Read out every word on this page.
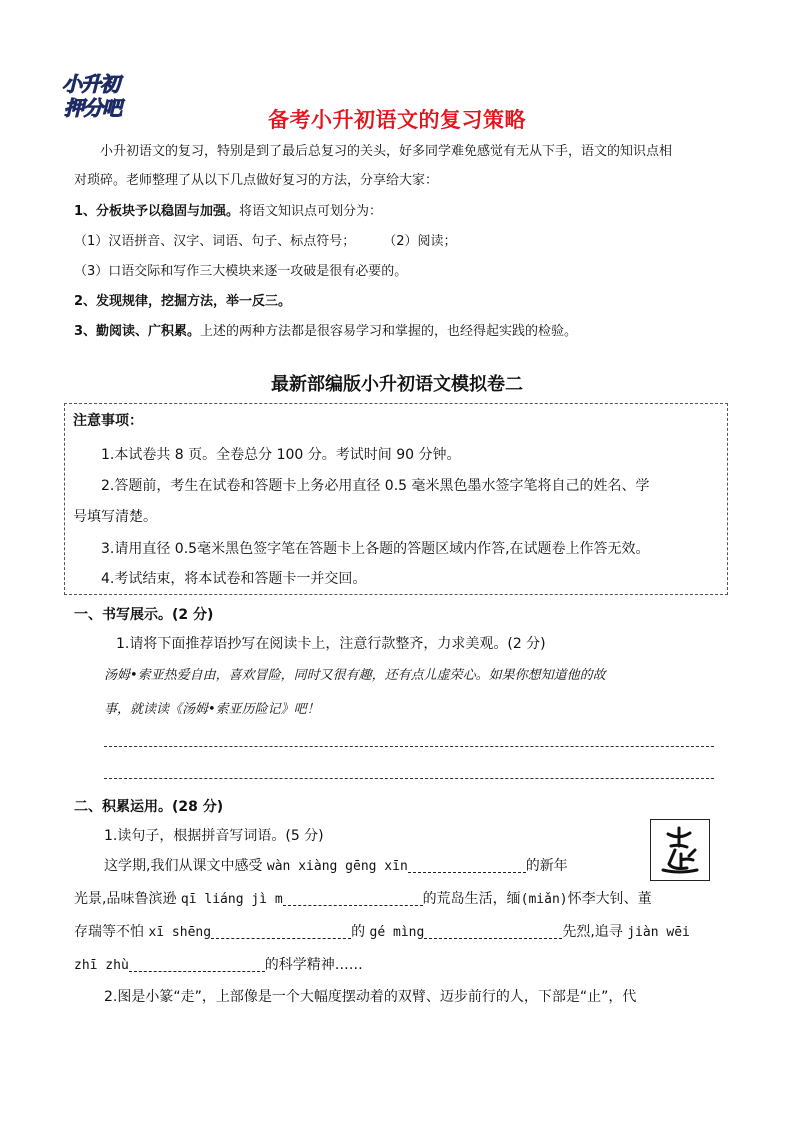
小升初
押分吧	备考小升初语文的复习策略
小升初语文的复习，特别是到了最后总复习的关头，好多同学难免感觉有无从下手，语文的知识点相
对琐碎。老师整理了从以下几点做好复习的方法，分享给大家：
1、分板块予以稳固与加强。将语文知识点可划分为：
（1）汉语拼音、汉字、词语、句子、标点符号； （2）阅读；
（3）口语交际和写作三大模块来逐一攻破是很有必要的。
2、发现规律，挖掘方法，举一反三。
3、勤阅读、广积累。上述的两种方法都是很容易学习和掌握的，也经得起实践的检验。
最新部编版小升初语文模拟卷二
注意事项：
1.本试卷共 8 页。全卷总分 100 分。考试时间 90 分钟。
2.答题前，考生在试卷和答题卡上务必用直径 0.5 毫米黑色墨水签字笔将自己的姓名、学
号填写清楚。
3.请用直径 0.5毫米黑色签字笔在答题卡上各题的答题区域内作答,在试题卷上作答无效。
4.考试结束，将本试卷和答题卡一并交回。
一、书写展示。(2 分)
1.请将下面推荐语抄写在阅读卡上，注意行款整齐，力求美观。(2 分)
汤姆•索亚热爱自由，喜欢冒险，同时又很有趣，还有点儿虚荣心。如果你想知道他的故
事，就读读《汤姆•索亚历险记》吧！
二、积累运用。(28 分)
1.读句子，根据拼音写词语。(5 分)
这学期,我们从课文中感受 wàn xiàng gēng xīn	的新年
光景,品味鲁滨逊 qī liáng jì m	的荒岛生活，缅(miǎn)怀李大钊、董
存瑞等不怕 xī shēng	的 gé mìng	先烈,追寻 jiàn wēi
zhī zhù	的科学精神……
2.图是小篆“走”，上部像是一个大幅度摆动着的双臂、迈步前行的人，下部是“止”，代
